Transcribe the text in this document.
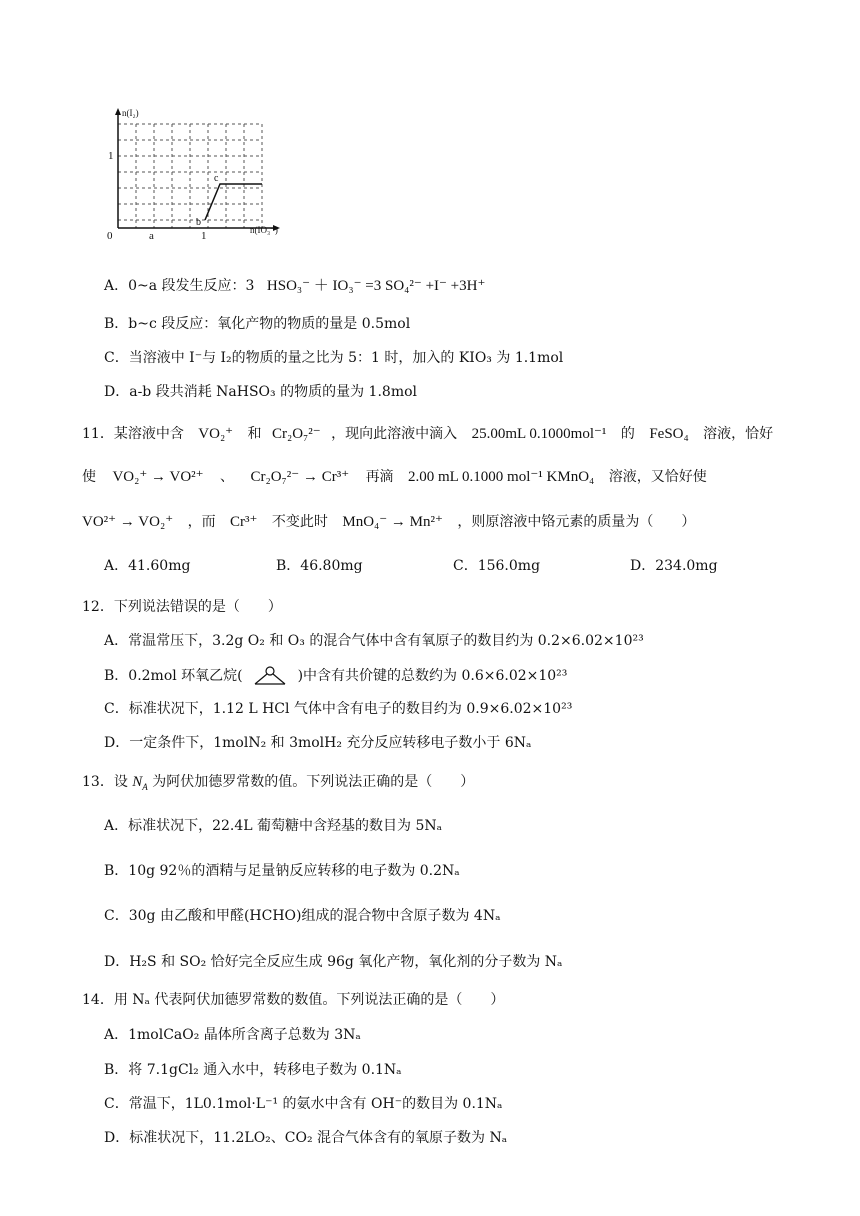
n(I₂)
n(IO₃⁻)
0
1
a	1
b
c
A．0~a 段发生反应：3 HSO₃⁻ ＋ IO₃⁻ =3 SO₄²⁻ +I⁻ +3H⁺
B．b~c 段反应：氧化产物的物质的量是 0.5mol
C．当溶液中 I⁻与 I₂的物质的量之比为 5：1 时，加入的 KIO₃ 为 1.1mol
D．a-b 段共消耗 NaHSO₃ 的物质的量为 1.8mol
11．某溶液中含 VO₂⁺ 和 Cr₂O₇²⁻ ，现向此溶液中滴入 25.00mL 0.1000mol⁻¹ 的 FeSO₄ 溶液，恰好
使 VO₂⁺ → VO²⁺ 、 Cr₂O₇²⁻ → Cr³⁺ 再滴 2.00 mL 0.1000 mol⁻¹ KMnO₄ 溶液，又恰好使
VO²⁺ → VO₂⁺ ，而 Cr³⁺ 不变此时 MnO₄⁻ → Mn²⁺ ，则原溶液中铬元素的质量为（　　）
A．41.60mg	B．46.80mg	C．156.0mg	D．234.0mg
12．下列说法错误的是（　　）
A．常温常压下，3.2g O₂ 和 O₃ 的混合气体中含有氧原子的数目约为 0.2×6.02×10²³
B．0.2mol 环氧乙烷(	)中含有共价键的总数约为 0.6×6.02×10²³
C．标准状况下，1.12 L HCl 气体中含有电子的数目约为 0.9×6.02×10²³
D．一定条件下，1molN₂ 和 3molH₂ 充分反应转移电子数小于 6Nₐ
13．设 $N_A$ 为阿伏加德罗常数的值。下列说法正确的是（　　）
A．标准状况下，22.4L 葡萄糖中含羟基的数目为 5Nₐ
B．10g 92％的酒精与足量钠反应转移的电子数为 0.2Nₐ
C．30g 由乙酸和甲醛(HCHO)组成的混合物中含原子数为 4Nₐ
D．H₂S 和 SO₂ 恰好完全反应生成 96g 氧化产物，氧化剂的分子数为 Nₐ
14．用 Nₐ 代表阿伏加德罗常数的数值。下列说法正确的是（　　）
A．1molCaO₂ 晶体所含离子总数为 3Nₐ
B．将 7.1gCl₂ 通入水中，转移电子数为 0.1Nₐ
C．常温下，1L0.1mol·L⁻¹ 的氨水中含有 OH⁻的数目为 0.1Nₐ
D．标准状况下，11.2LO₂、CO₂ 混合气体含有的氧原子数为 Nₐ
